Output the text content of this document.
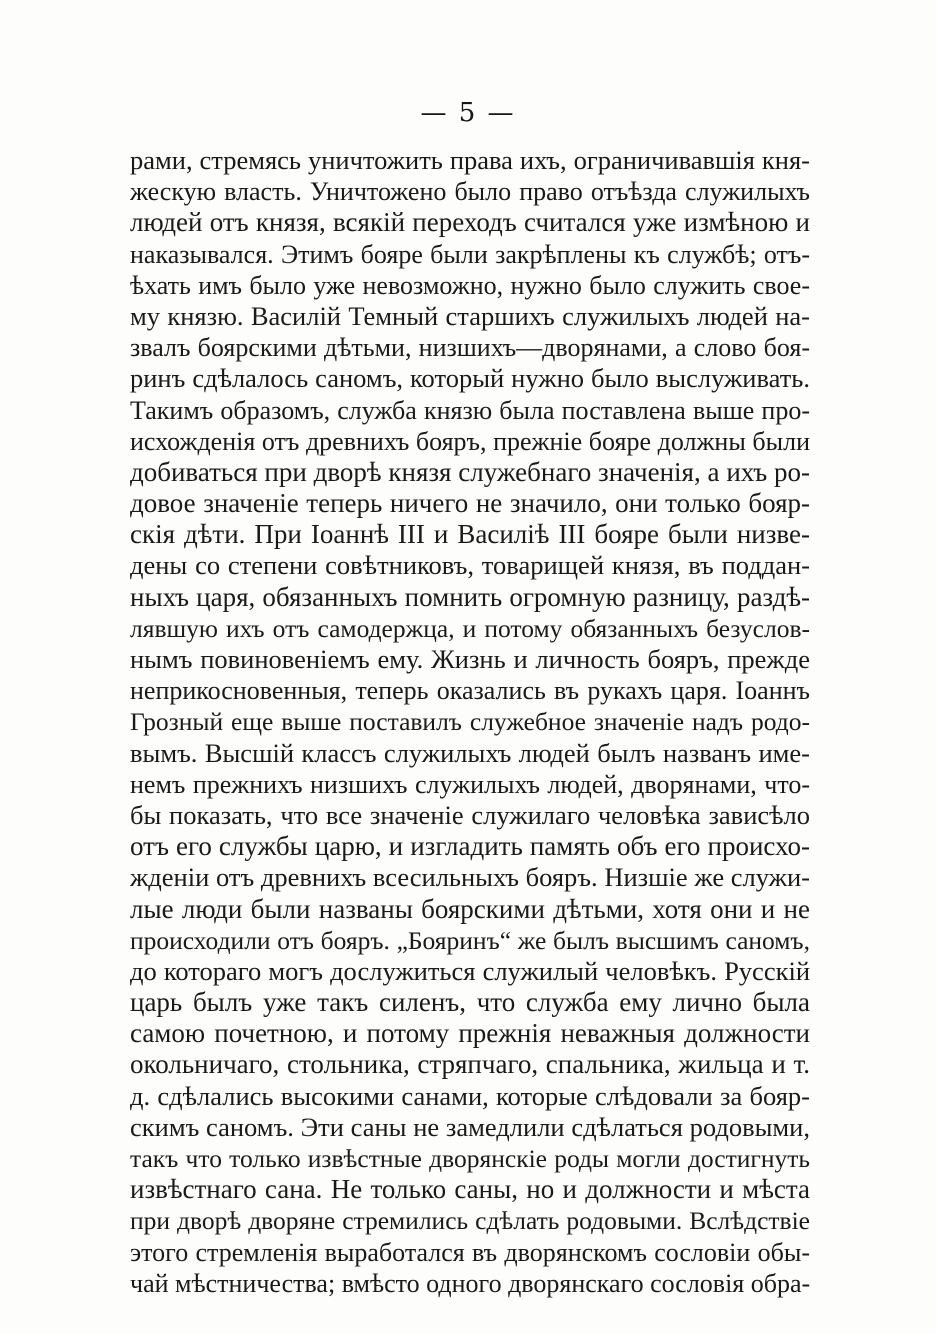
— 5 —
рами, стремясь уничтожить права ихъ, ограничивавшія кня-
жескую власть. Уничтожено было право отъѣзда служилыхъ
людей отъ князя, всякій переходъ считался уже измѣною и
наказывался. Этимъ бояре были закрѣплены къ службѣ; отъ-
ѣхать имъ было уже невозможно, нужно было служить свое-
му князю. Василій Темный старшихъ служилыхъ людей на-
звалъ боярскими дѣтьми, низшихъ—дворянами, а слово боя-
ринъ сдѣлалось саномъ, который нужно было выслуживать.
Такимъ образомъ, служба князю была поставлена выше про-
исхожденія отъ древнихъ бояръ, прежніе бояре должны были
добиваться при дворѣ князя служебнаго значенія, а ихъ ро-
довое значеніе теперь ничего не значило, они только бояр-
скія дѣти. При Іоаннѣ III и Василіѣ III бояре были низве-
дены со степени совѣтниковъ, товарищей князя, въ поддан-
ныхъ царя, обязанныхъ помнить огромную разницу, раздѣ-
лявшую ихъ отъ самодержца, и потому обязанныхъ безуслов-
нымъ повиновеніемъ ему. Жизнь и личность бояръ, прежде
неприкосновенныя, теперь оказались въ рукахъ царя. Іоаннъ
Грозный еще выше поставилъ служебное значеніе надъ родо-
вымъ. Высшій классъ служилыхъ людей былъ названъ име-
немъ прежнихъ низшихъ служилыхъ людей, дворянами, что-
бы показать, что все значеніе служилаго человѣка зависѣло
отъ его службы царю, и изгладить память объ его происхо-
жденіи отъ древнихъ всесильныхъ бояръ. Низшіе же служи-
лые люди были названы боярскими дѣтьми, хотя они и не
происходили отъ бояръ. „Бояринъ“ же былъ высшимъ саномъ,
до котораго могъ дослужиться служилый человѣкъ. Русскій
царь былъ уже такъ силенъ, что служба ему лично была
самою почетною, и потому прежнія неважныя должности
окольничаго, стольника, стряпчаго, спальника, жильца и т.
д. сдѣлались высокими санами, которые слѣдовали за бояр-
скимъ саномъ. Эти саны не замедлили сдѣлаться родовыми,
такъ что только извѣстные дворянскіе роды могли достигнуть
извѣстнаго сана. Не только саны, но и должности и мѣста
при дворѣ дворяне стремились сдѣлать родовыми. Вслѣдствіе
этого стремленія выработался въ дворянскомъ сословіи обы-
чай мѣстничества; вмѣсто одного дворянскаго сословія обра-
